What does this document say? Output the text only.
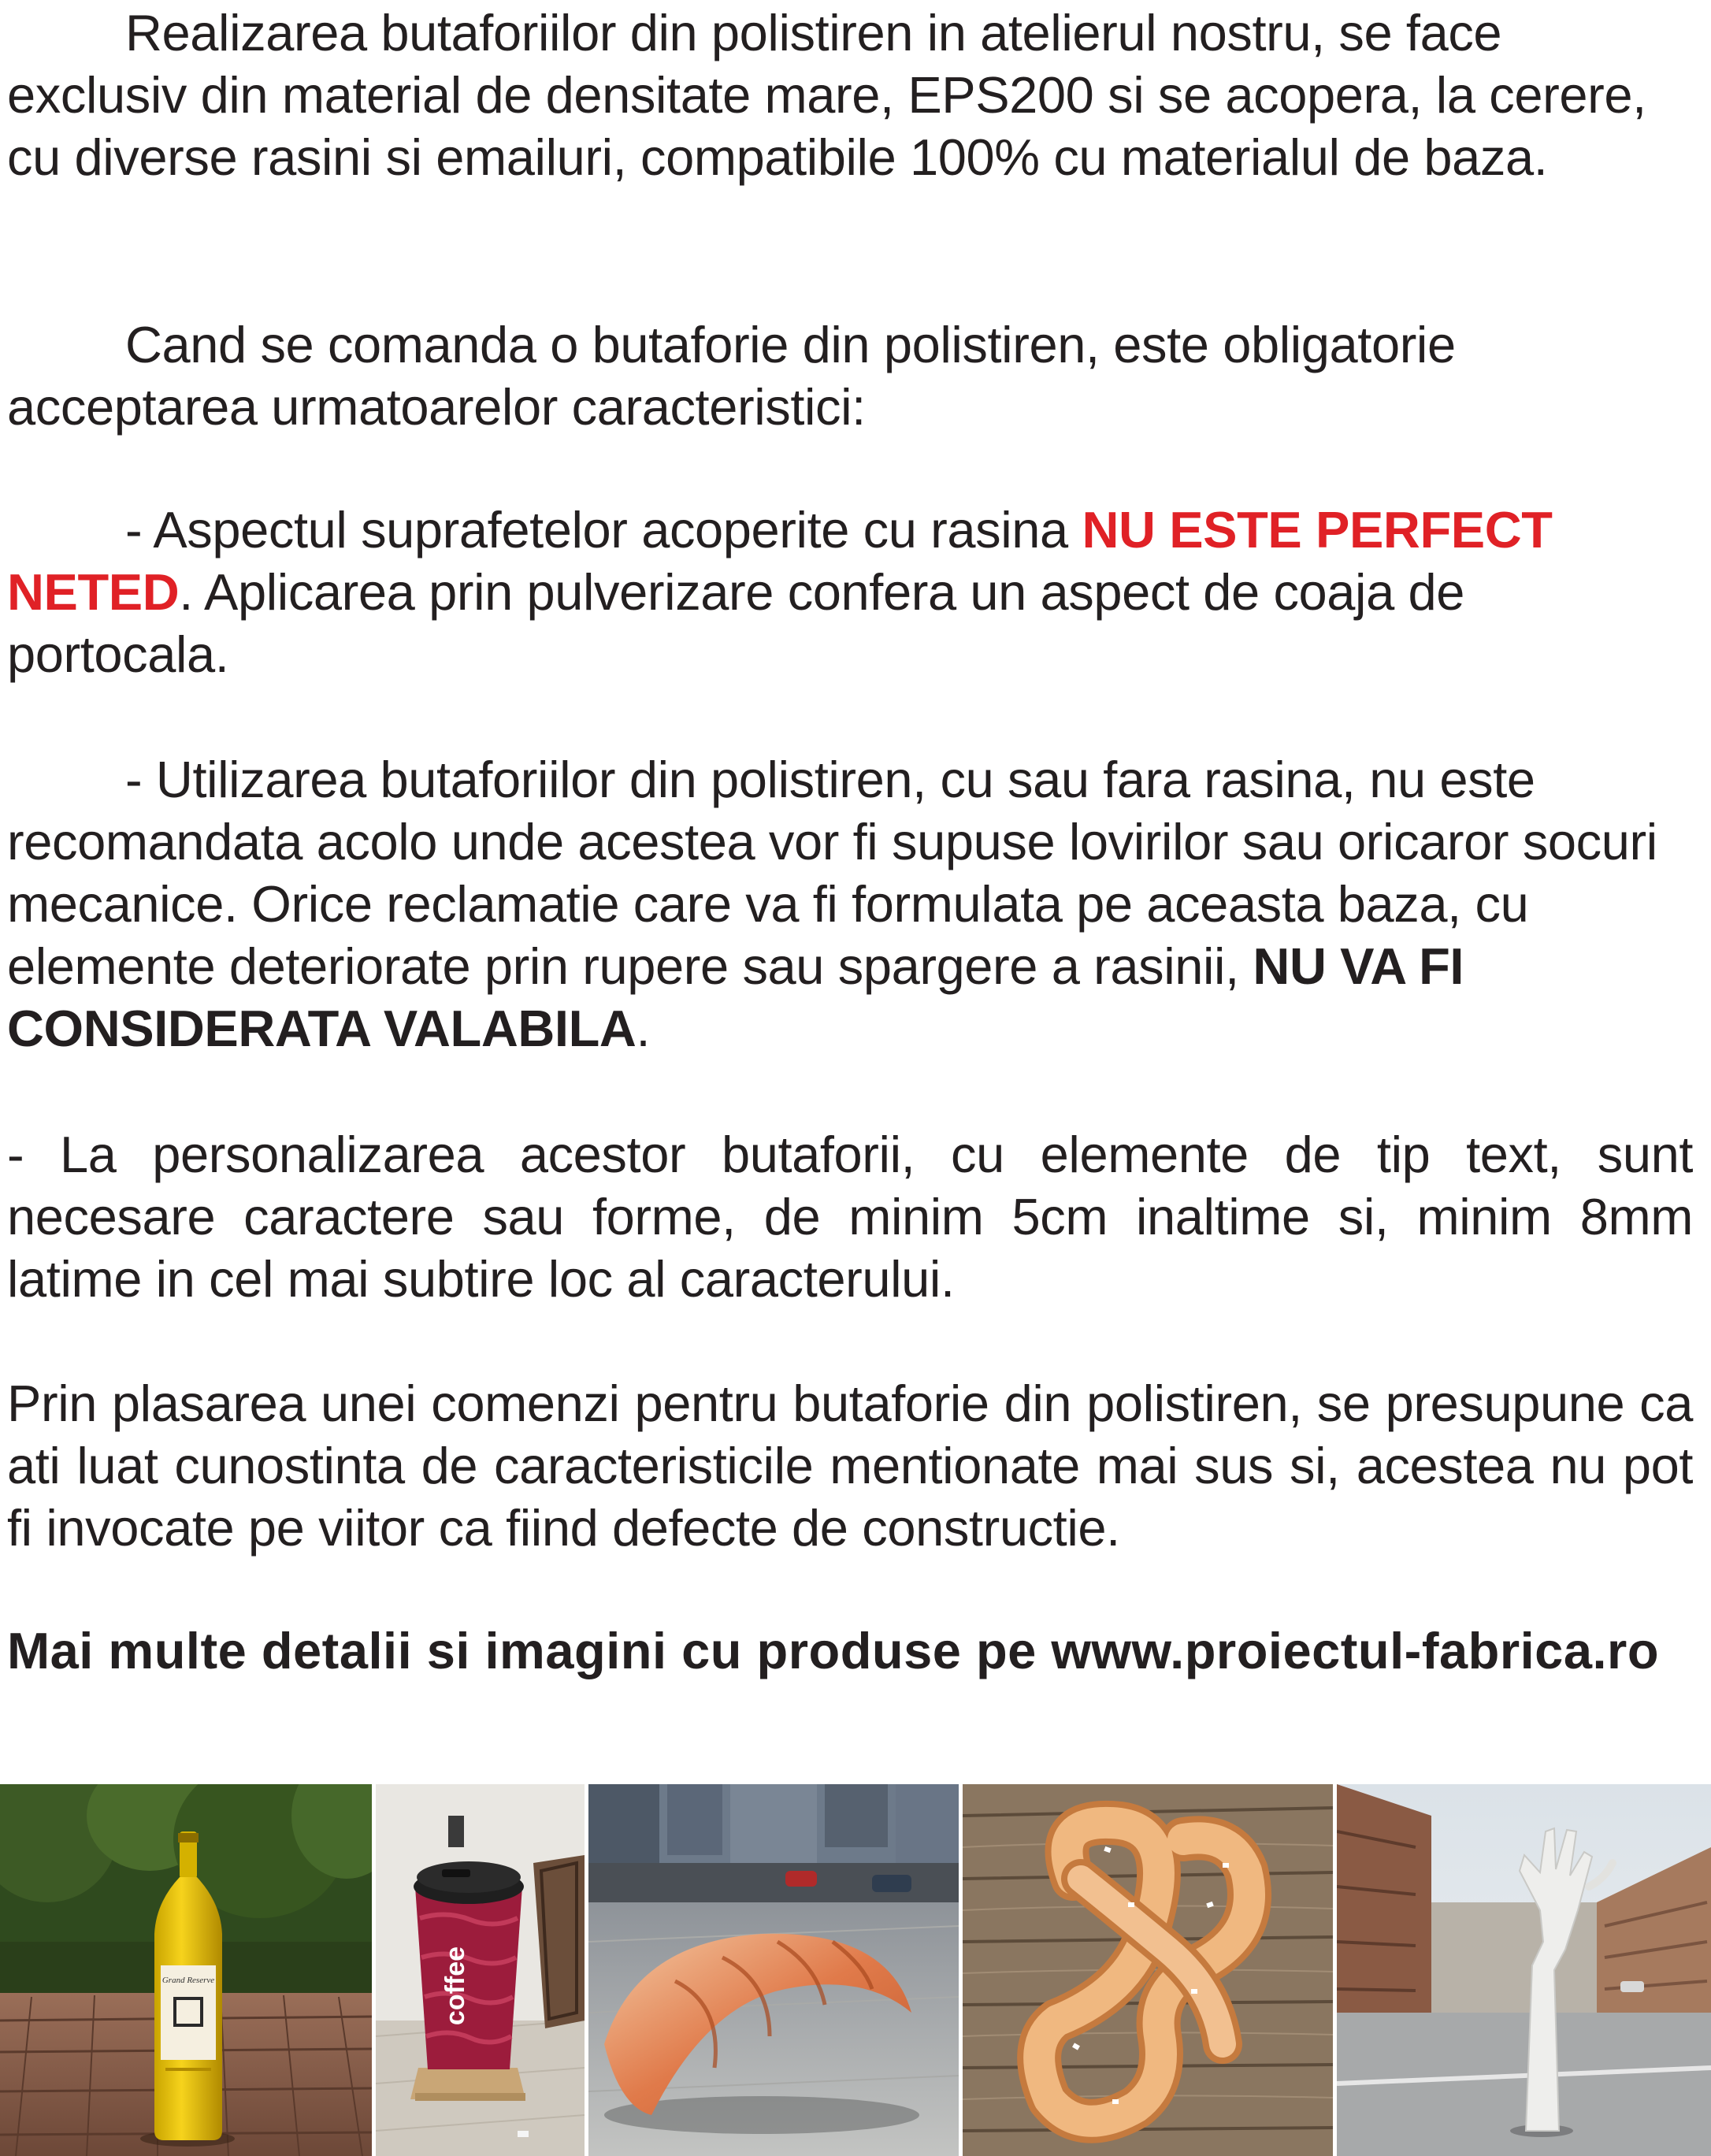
Realizarea butaforiilor din polistiren in atelierul nostru, se face exclusiv din material de densitate mare, EPS200 si se acopera, la cerere, cu diverse rasini si emailuri, compatibile 100% cu materialul de baza.

Cand se comanda o butaforie din polistiren, este obligatorie acceptarea urmatoarelor caracteristici:

- Aspectul suprafetelor acoperite cu rasina NU ESTE PERFECT NETED. Aplicarea prin pulverizare confera un aspect de coaja de portocala.

- Utilizarea butaforiilor din polistiren, cu sau fara rasina, nu este recomandata acolo unde acestea vor fi supuse lovirilor sau oricaror socuri mecanice. Orice reclamatie care va fi formulata pe aceasta baza, cu elemente deteriorate prin rupere sau spargere a rasinii, NU VA FI CONSIDERATA VALABILA.

- La personalizarea acestor butaforii, cu elemente de tip text, sunt necesare caractere sau forme, de minim 5cm inaltime si, minim 8mm latime in cel mai subtire loc al caracterului.

Prin plasarea unei comenzi pentru butaforie din polistiren, se presupune ca ati luat cunostinta de caracteristicile mentionate mai sus si, acestea nu pot fi invocate pe viitor ca fiind defecte de constructie.

Mai multe detalii si imagini cu produse pe www.proiectul-fabrica.ro

Grand Reserve	coffee
